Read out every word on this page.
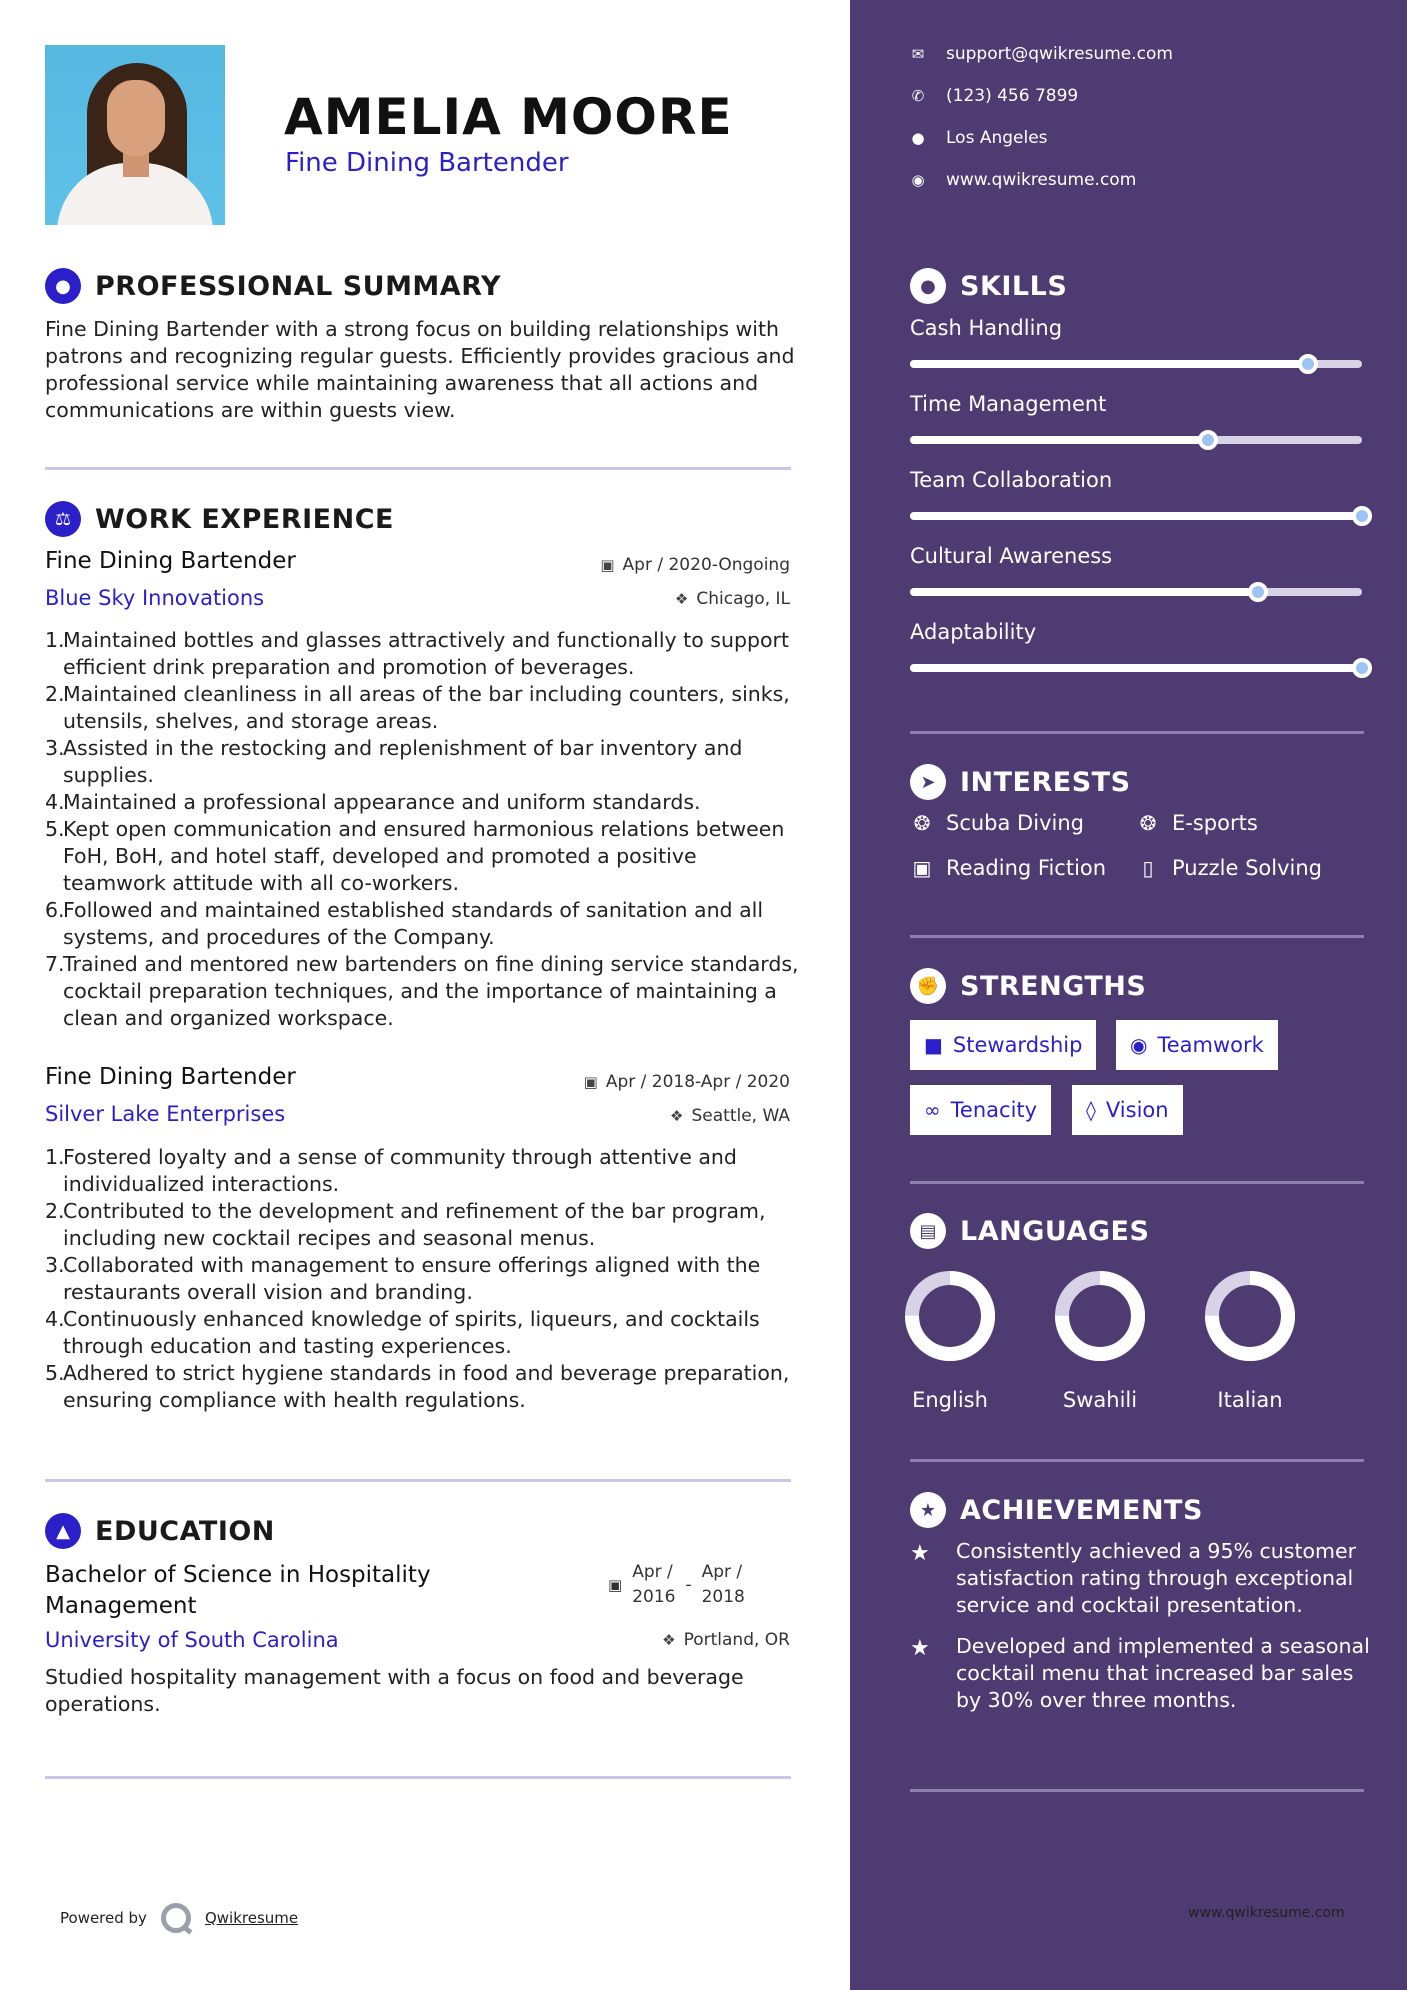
AMELIA MOORE
Fine Dining Bartender
● PROFESSIONAL SUMMARY
Fine Dining Bartender with a strong focus on building relationships with patrons and recognizing regular guests. Efficiently provides gracious and professional service while maintaining awareness that all actions and communications are within guests view.
⚖ WORK EXPERIENCE
Fine Dining Bartender	▣ Apr / 2020-Ongoing
Blue Sky Innovations	❖ Chicago, IL
1.
Maintained bottles and glasses attractively and functionally to support efficient drink preparation and promotion of beverages.
2.
Maintained cleanliness in all areas of the bar including counters, sinks, utensils, shelves, and storage areas.
3.
Assisted in the restocking and replenishment of bar inventory and supplies.
4.
Maintained a professional appearance and uniform standards.
5.
Kept open communication and ensured harmonious relations between FoH, BoH, and hotel staff, developed and promoted a positive teamwork attitude with all co-workers.
6.
Followed and maintained established standards of sanitation and all systems, and procedures of the Company.
7.
Trained and mentored new bartenders on fine dining service standards, cocktail preparation techniques, and the importance of maintaining a clean and organized workspace.
Fine Dining Bartender	▣ Apr / 2018-Apr / 2020
Silver Lake Enterprises	❖ Seattle, WA
1.
Fostered loyalty and a sense of community through attentive and individualized interactions.
2.
Contributed to the development and refinement of the bar program, including new cocktail recipes and seasonal menus.
3.
Collaborated with management to ensure offerings aligned with the restaurants overall vision and branding.
4.
Continuously enhanced knowledge of spirits, liqueurs, and cocktails through education and tasting experiences.
5.
Adhered to strict hygiene standards in food and beverage preparation, ensuring compliance with health regulations.
▲ EDUCATION
Bachelor of Science in Hospitality
Management
▣
Apr /
2016
-
Apr /
2018
University of South Carolina	❖ Portland, OR
Studied hospitality management with a focus on food and beverage operations.
Powered by	Qwikresume
✉ support@qwikresume.com
✆ (123) 456 7899
● Los Angeles
◉ www.qwikresume.com
● SKILLS
Cash Handling
Time Management
Team Collaboration
Cultural Awareness
Adaptability
➤ INTERESTS
❂ Scuba Diving	❂ E-sports
▣ Reading Fiction	▯ Puzzle Solving
✊ STRENGTHS
■ Stewardship ◉ Teamwork
∞ Tenacity ◊ Vision
▤ LANGUAGES
English	Swahili	Italian
★ ACHIEVEMENTS
★	Consistently achieved a 95% customer satisfaction rating through exceptional service and cocktail presentation.
★	Developed and implemented a seasonal cocktail menu that increased bar sales by 30% over three months.
www.qwikresume.com
